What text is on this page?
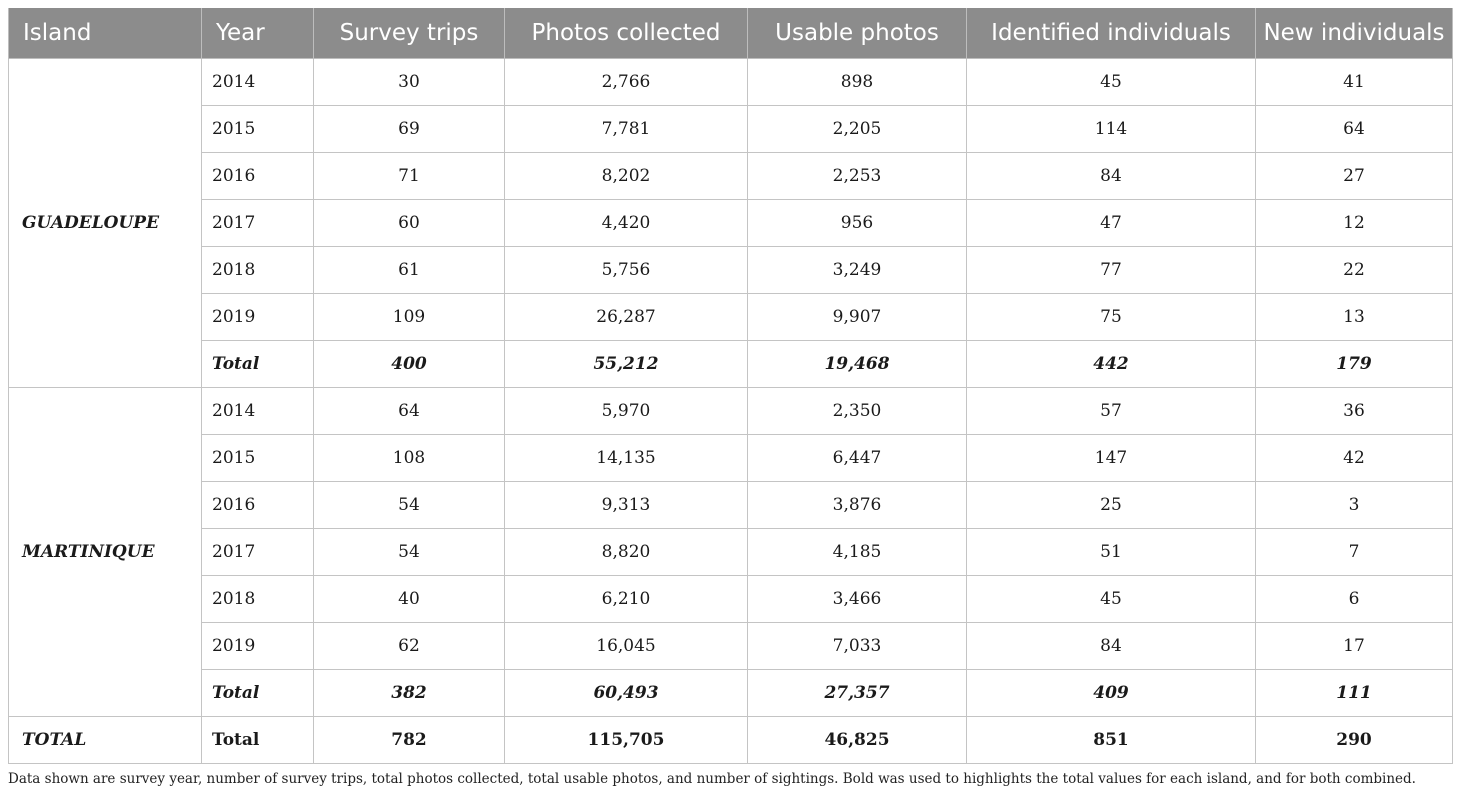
Island	Year	Survey trips	Photos collected	Usable photos	Identified individuals	New individuals
GUADELOUPE	2014	30	2,766	898	45	41
	2015	69	7,781	2,205	114	64
	2016	71	8,202	2,253	84	27
	2017	60	4,420	956	47	12
	2018	61	5,756	3,249	77	22
	2019	109	26,287	9,907	75	13
	Total	400	55,212	19,468	442	179
MARTINIQUE	2014	64	5,970	2,350	57	36
	2015	108	14,135	6,447	147	42
	2016	54	9,313	3,876	25	3
	2017	54	8,820	4,185	51	7
	2018	40	6,210	3,466	45	6
	2019	62	16,045	7,033	84	17
	Total	382	60,493	27,357	409	111
TOTAL	Total	782	115,705	46,825	851	290
Data shown are survey year, number of survey trips, total photos collected, total usable photos, and number of sightings. Bold was used to highlights the total values for each island, and for both combined.
